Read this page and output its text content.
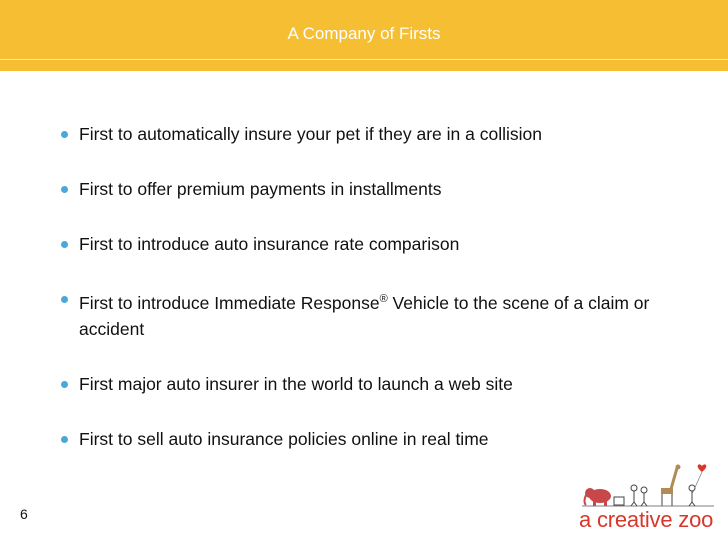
A Company of Firsts
First to automatically insure your pet if they are in a collision
First to offer premium payments in installments
First to introduce auto insurance rate comparison
First to introduce Immediate Response® Vehicle to the scene of a claim or accident
First major auto insurer in the world to launch a web site
First to sell auto insurance policies online in real time
6	a creative zoo
